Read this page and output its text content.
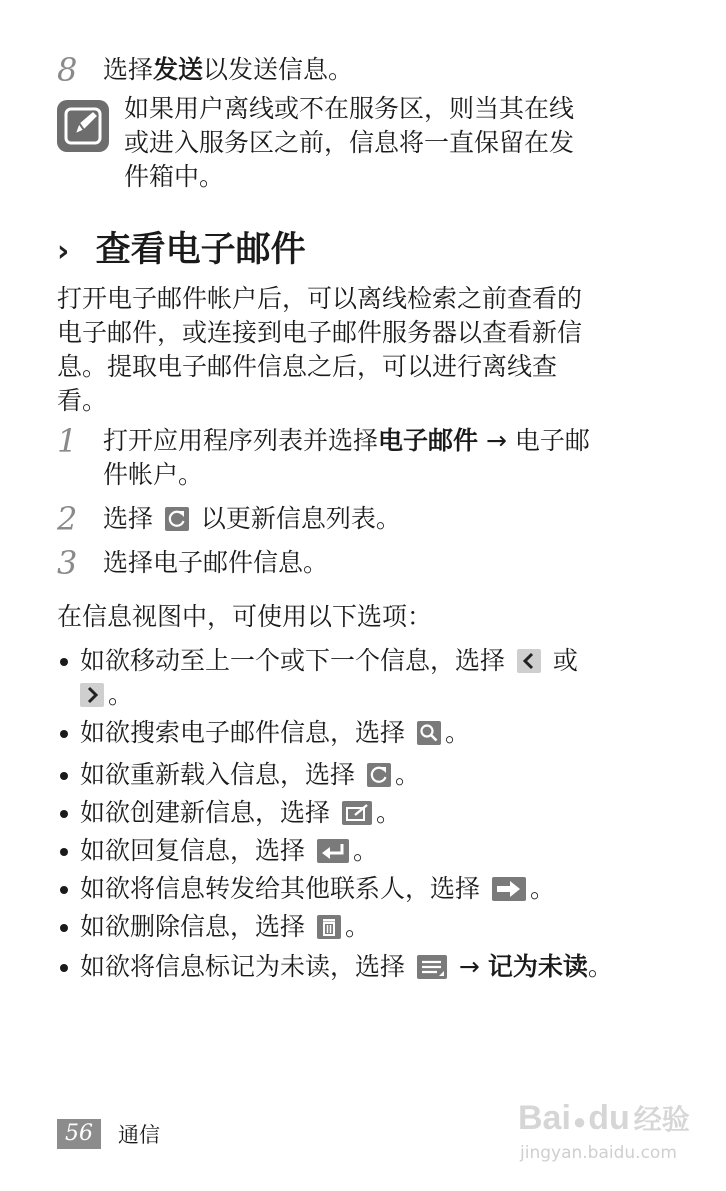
8 选择发送以发送信息。
如果用户离线或不在服务区，则当其在线
或进入服务区之前，信息将一直保留在发
件箱中。
› 查看电子邮件
打开电子邮件帐户后，可以离线检索之前查看的
电子邮件，或连接到电子邮件服务器以查看新信
息。提取电子邮件信息之后，可以进行离线查
看。
1 打开应用程序列表并选择电子邮件 → 电子邮
件帐户。
2 选择 以更新信息列表。
3 选择电子邮件信息。
在信息视图中，可使用以下选项：
如欲移动至上一个或下一个信息，选择 或
。
如欲搜索电子邮件信息，选择 。
如欲重新载入信息，选择 。
如欲创建新信息，选择 。
如欲回复信息，选择 。
如欲将信息转发给其他联系人，选择 。
如欲删除信息，选择 。
如欲将信息标记为未读，选择 → 记为未读。
56	通信	Bai●du 经验
jingyan.baidu.com
